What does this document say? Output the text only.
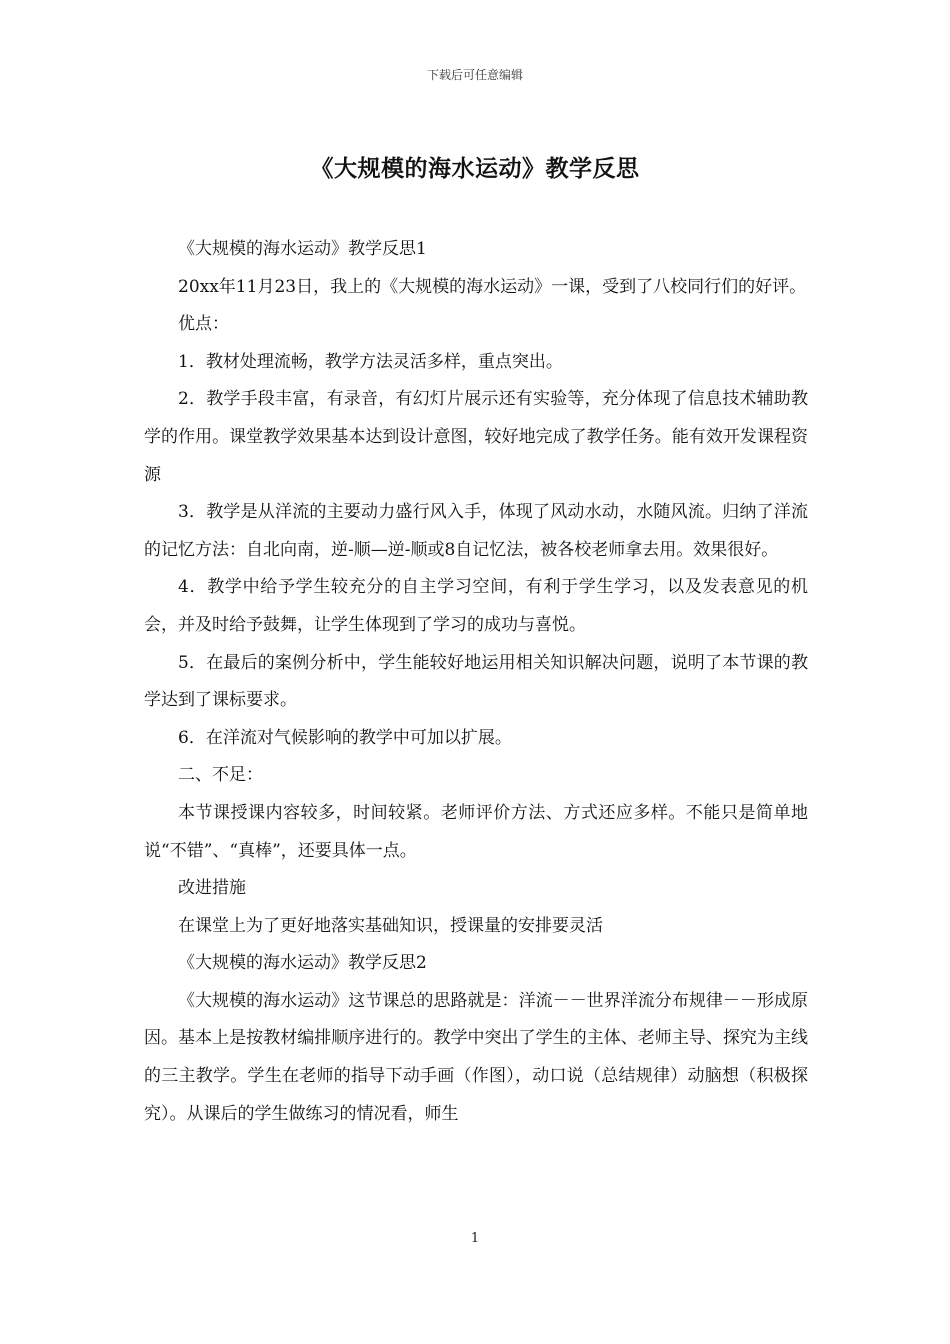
下载后可任意编辑
《大规模的海水运动》教学反思

《大规模的海水运动》教学反思1

20xx年11月23日，我上的《大规模的海水运动》一课，受到了八校同行们的好评。

优点：

1．教材处理流畅，教学方法灵活多样，重点突出。

2．教学手段丰富，有录音，有幻灯片展示还有实验等，充分体现了信息技术辅助教学的作用。课堂教学效果基本达到设计意图，较好地完成了教学任务。能有效开发课程资源

3．教学是从洋流的主要动力盛行风入手，体现了风动水动，水随风流。归纳了洋流的记忆方法：自北向南，逆-顺—逆-顺或8自记忆法，被各校老师拿去用。效果很好。

4．教学中给予学生较充分的自主学习空间，有利于学生学习，以及发表意见的机会，并及时给予鼓舞，让学生体现到了学习的成功与喜悦。

5．在最后的案例分析中，学生能较好地运用相关知识解决问题，说明了本节课的教学达到了课标要求。

6．在洋流对气候影响的教学中可加以扩展。

二、不足：

本节课授课内容较多，时间较紧。老师评价方法、方式还应多样。不能只是简单地说“不错”、“真棒”，还要具体一点。

改进措施

在课堂上为了更好地落实基础知识，授课量的安排要灵活

《大规模的海水运动》教学反思2

《大规模的海水运动》这节课总的思路就是：洋流－－世界洋流分布规律－－形成原因。基本上是按教材编排顺序进行的。教学中突出了学生的主体、老师主导、探究为主线的三主教学。学生在老师的指导下动手画（作图），动口说（总结规律）动脑想（积极探究）。从课后的学生做练习的情况看，师生

1
